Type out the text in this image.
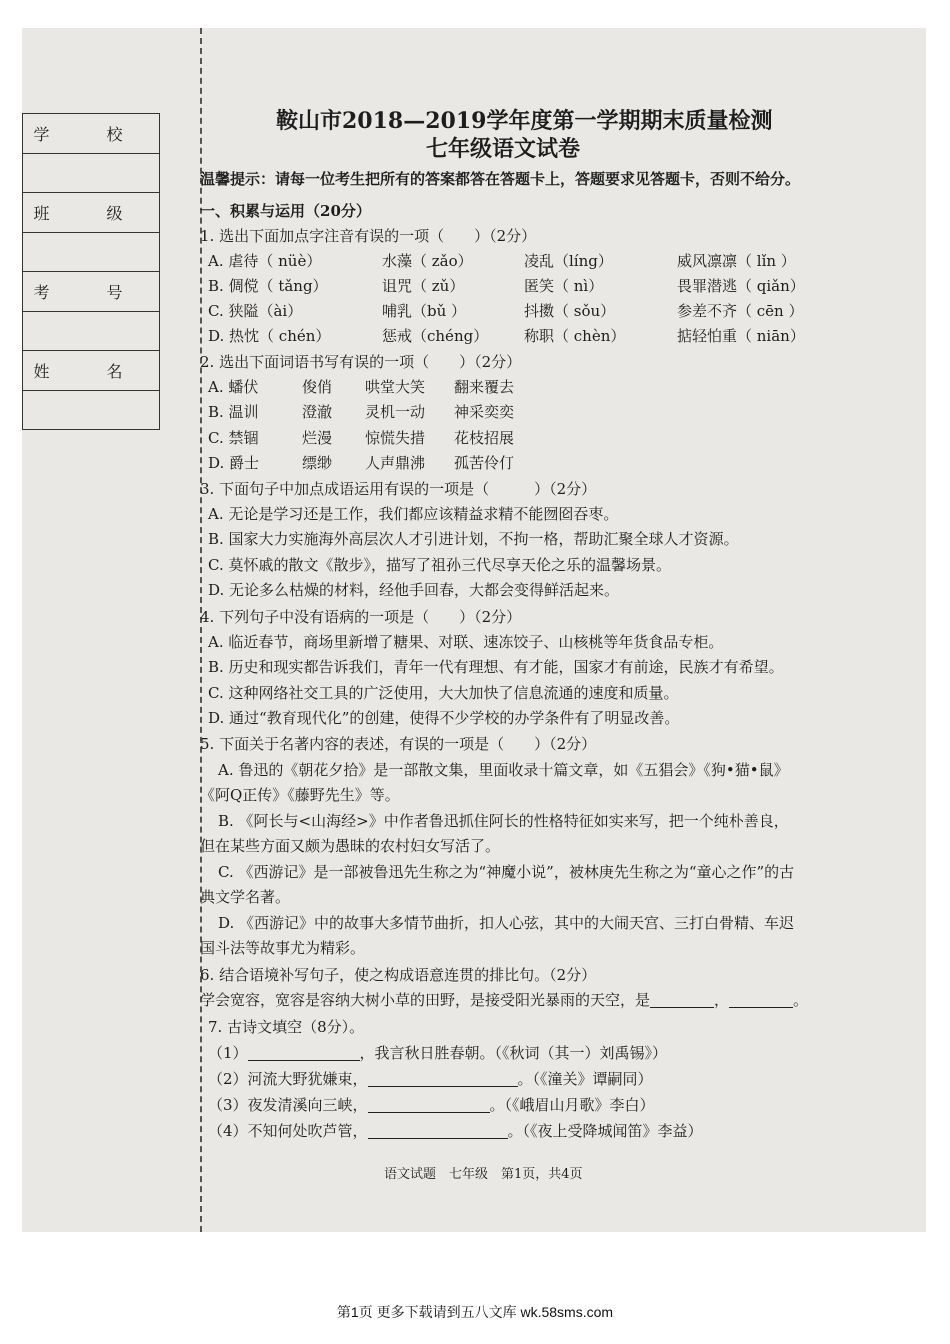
学 校

班 级

考 号

姓 名

鞍山市2018—2019学年度第一学期期末质量检测
七年级语文试卷
温馨提示：请每一位考生把所有的答案都答在答题卡上，答题要求见答题卡，否则不给分。
一、积累与运用（20分）
1. 选出下面加点字注音有误的一项（　　）（2分）
A. 虐待（ nüè）	水藻（ zǎo）	凌乱（líng）	威风凛凛（ lǐn ）
B. 倜傥（ tǎng）	诅咒（ zǔ）	匿笑（ nì）	畏罪潜逃（ qiǎn）
C. 狭隘（ài）	哺乳（bǔ ）	抖擞（ sǒu）	参差不齐（ cēn ）
D. 热忱（ chén）	惩戒（chéng） 称职（ chèn）	掂轻怕重（ niān）
2. 选出下面词语书写有误的一项（　　）（2分）
A. 蟠伏	俊俏 哄堂大笑 翻来覆去
B. 温训	澄澈 灵机一动 神采奕奕
C. 禁锢	烂漫 惊慌失措 花枝招展
D. 爵士	缥缈 人声鼎沸 孤苦伶仃
3. 下面句子中加点成语运用有误的一项是（　　　）（2分）
A. 无论是学习还是工作，我们都应该精益求精不能囫囵吞枣。
B. 国家大力实施海外高层次人才引进计划，不拘一格，帮助汇聚全球人才资源。
C. 莫怀戚的散文《散步》，描写了祖孙三代尽享天伦之乐的温馨场景。
D. 无论多么枯燥的材料，经他手回春，大都会变得鲜活起来。
4. 下列句子中没有语病的一项是（　　）（2分）
A. 临近春节，商场里新增了糖果、对联、速冻饺子、山核桃等年货食品专柜。
B. 历史和现实都告诉我们，青年一代有理想、有才能，国家才有前途，民族才有希望。
C. 这种网络社交工具的广泛使用，大大加快了信息流通的速度和质量。
D. 通过“教育现代化”的创建，使得不少学校的办学条件有了明显改善。
5. 下面关于名著内容的表述，有误的一项是（　　）（2分）
A. 鲁迅的《朝花夕拾》是一部散文集，里面收录十篇文章，如《五猖会》《狗•猫•鼠》
《阿Q正传》《藤野先生》等。
B. 《阿长与<山海经>》中作者鲁迅抓住阿长的性格特征如实来写，把一个纯朴善良，
但在某些方面又颇为愚昧的农村妇女写活了。
C. 《西游记》是一部被鲁迅先生称之为“神魔小说”，被林庚先生称之为“童心之作”的古
典文学名著。
D. 《西游记》中的故事大多情节曲折，扣人心弦，其中的大闹天宫、三打白骨精、车迟
国斗法等故事尤为精彩。
6. 结合语境补写句子，使之构成语意连贯的排比句。（2分）
学会宽容，宽容是容纳大树小草的田野，是接受阳光暴雨的天空，是	，	。
7. 古诗文填空（8分）。
（1）	，我言秋日胜春朝。（《秋词（其一）刘禹锡》）
（2）河流大野犹嫌束，	。（《潼关》谭嗣同）
（3）夜发清溪向三峡，	。（《峨眉山月歌》李白）
（4）不知何处吹芦管，	。（《夜上受降城闻笛》李益）
语文试题　七年级　第1页，共4页
第1页 更多下载请到五八文库 wk.58sms.com
